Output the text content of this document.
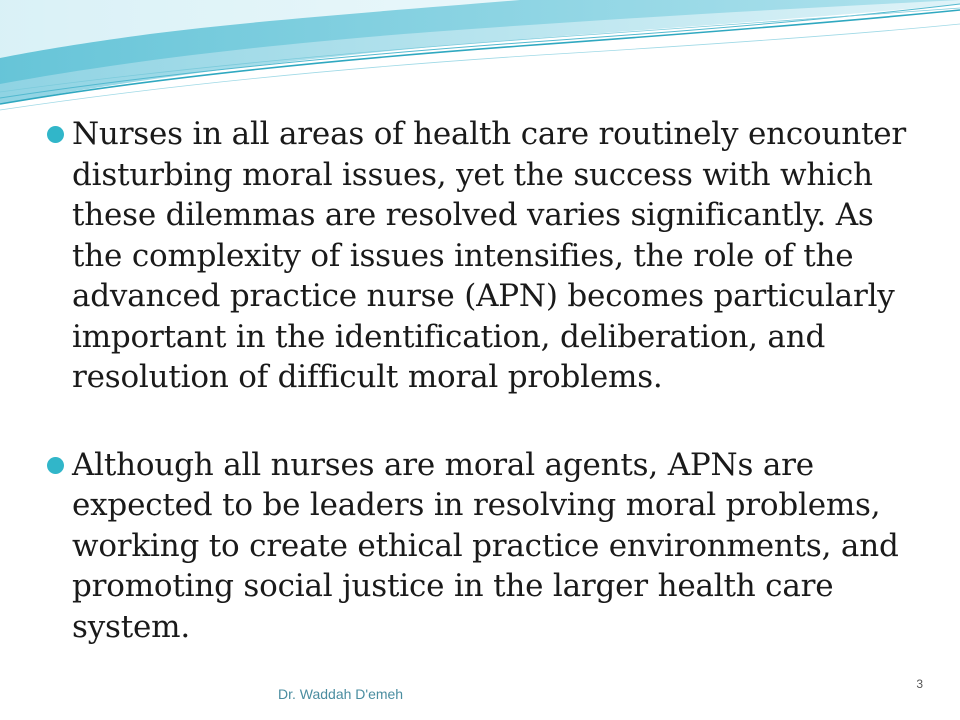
Nurses in all areas of health care routinely encounter disturbing moral issues, yet the success with which these dilemmas are resolved varies significantly. As the complexity of issues intensifies, the role of the advanced practice nurse (APN) becomes particularly important in the identification, deliberation, and resolution of difficult moral problems.
Although all nurses are moral agents, APNs are expected to be leaders in resolving moral problems, working to create ethical practice environments, and promoting social justice in the larger health care system.
Dr. Waddah D'emeh
3
